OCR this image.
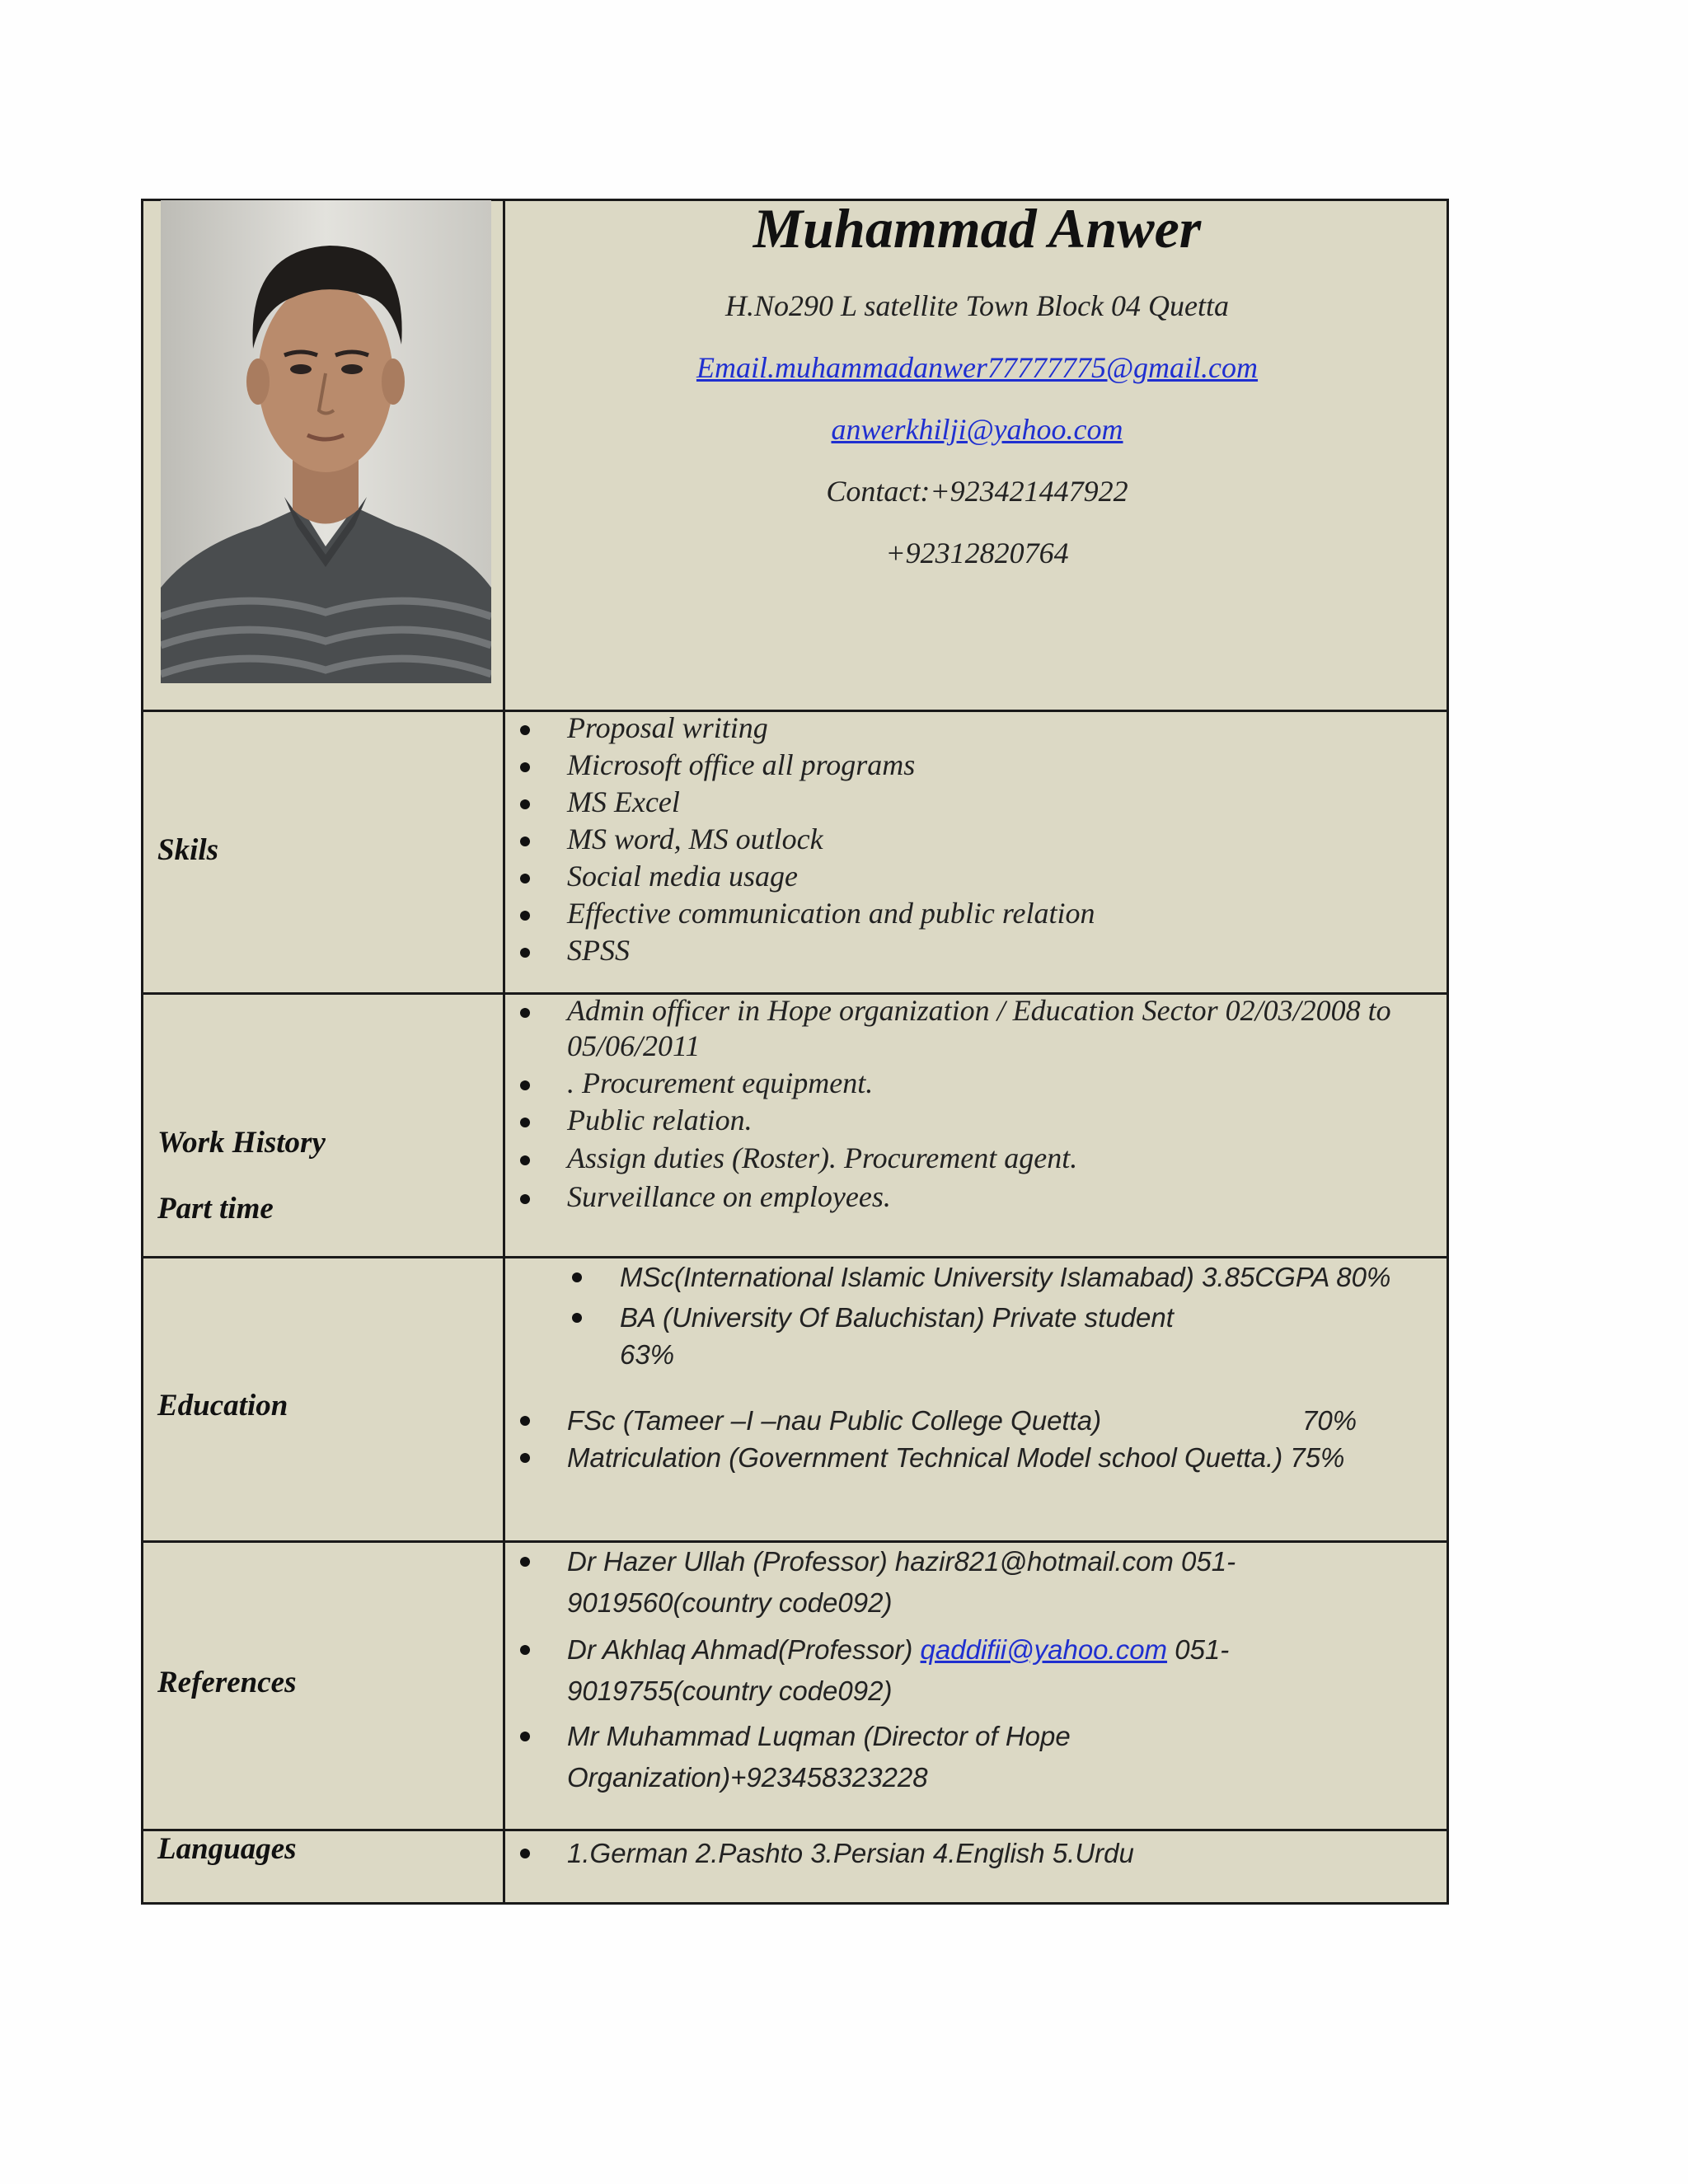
Muhammad Anwer
H.No290 L satellite Town Block 04 Quetta
Email.muhammadanwer77777775@gmail.com
anwerkhilji@yahoo.com
Contact:+923421447922
+92312820764
Skils
Proposal writing
Microsoft office all programs
MS Excel
MS word, MS outlock
Social media usage
Effective communication and public relation
SPSS
Work History
Part time
Admin officer in Hope organization / Education Sector 02/03/2008 to
05/06/2011
. Procurement equipment.
Public relation.
Assign duties (Roster). Procurement agent.
Surveillance on employees.
Education
MSc(International Islamic University Islamabad) 3.85CGPA 80%
BA (University Of Baluchistan) Private student
63%
FSc (Tameer –I –nau Public College Quetta)	70%
Matriculation (Government Technical Model school Quetta.) 75%
References
Dr Hazer Ullah (Professor) hazir821@hotmail.com 051-
9019560(country code092)
Dr Akhlaq Ahmad(Professor) qaddifii@yahoo.com 051-
9019755(country code092)
Mr Muhammad Luqman (Director of Hope
Organization)+923458323228
Languages	1.German 2.Pashto 3.Persian 4.English 5.Urdu
